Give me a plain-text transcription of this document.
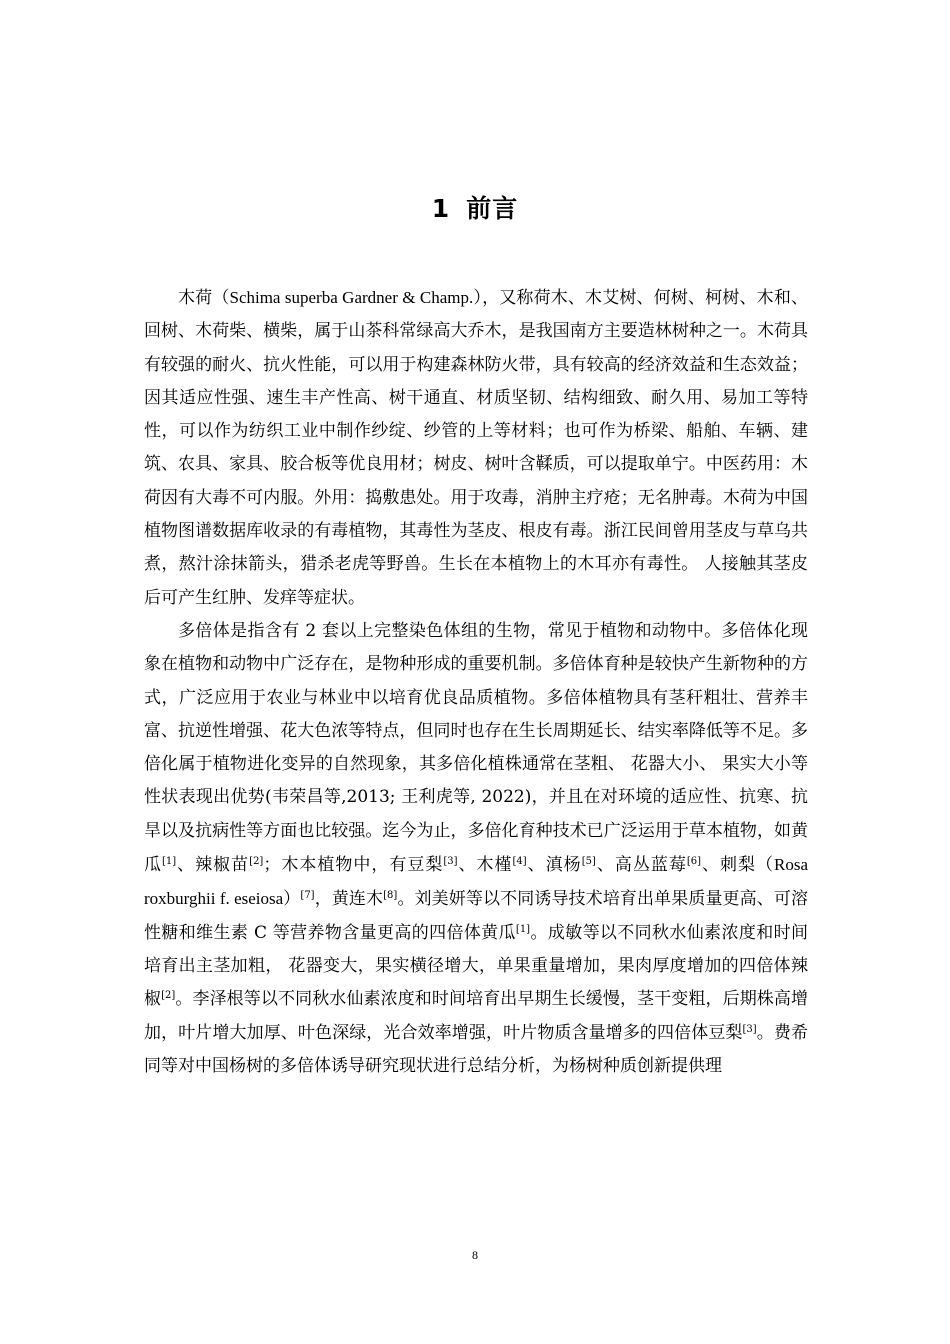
1 前言

木荷（Schima superba Gardner & Champ.），又称荷木、木艾树、何树、柯树、木和、回树、木荷柴、横柴，属于山茶科常绿高大乔木，是我国南方主要造林树种之一。木荷具有较强的耐火、抗火性能，可以用于构建森林防火带，具有较高的经济效益和生态效益；因其适应性强、速生丰产性高、树干通直、材质坚韧、结构细致、耐久用、易加工等特性，可以作为纺织工业中制作纱绽、纱管的上等材料；也可作为桥梁、船舶、车辆、建筑、农具、家具、胶合板等优良用材；树皮、树叶含鞣质，可以提取单宁。中医药用：木荷因有大毒不可内服。外用：捣敷患处。用于攻毒，消肿主疗疮；无名肿毒。木荷为中国植物图谱数据库收录的有毒植物，其毒性为茎皮、根皮有毒。浙江民间曾用茎皮与草乌共煮，熬汁涂抹箭头，猎杀老虎等野兽。生长在本植物上的木耳亦有毒性。 人接触其茎皮后可产生红肿、发痒等症状。

多倍体是指含有 2 套以上完整染色体组的生物，常见于植物和动物中。多倍体化现象在植物和动物中广泛存在，是物种形成的重要机制。多倍体育种是较快产生新物种的方式，广泛应用于农业与林业中以培育优良品质植物。多倍体植物具有茎秆粗壮、营养丰富、抗逆性增强、花大色浓等特点，但同时也存在生长周期延长、结实率降低等不足。多倍化属于植物进化变异的自然现象，其多倍化植株通常在茎粗、 花器大小、 果实大小等性状表现出优势(韦荣昌等,2013; 王利虎等, 2022)，并且在对环境的适应性、抗寒、抗旱以及抗病性等方面也比较强。迄今为止，多倍化育种技术已广泛运用于草本植物，如黄瓜[1]、辣椒苗[2]；木本植物中，有豆梨[3]、木槿[4]、滇杨[5]、高丛蓝莓[6]、刺梨（Rosa roxburghii f. eseiosa）[7]，黄连木[8]。刘美妍等以不同诱导技术培育出单果质量更高、可溶性糖和维生素 C 等营养物含量更高的四倍体黄瓜[1]。成敏等以不同秋水仙素浓度和时间培育出主茎加粗， 花器变大，果实横径增大，单果重量增加，果肉厚度增加的四倍体辣椒[2]。李泽根等以不同秋水仙素浓度和时间培育出早期生长缓慢，茎干变粗，后期株高增加，叶片增大加厚、叶色深绿，光合效率增强，叶片物质含量增多的四倍体豆梨[3]。费希同等对中国杨树的多倍体诱导研究现状进行总结分析，为杨树种质创新提供理

8
